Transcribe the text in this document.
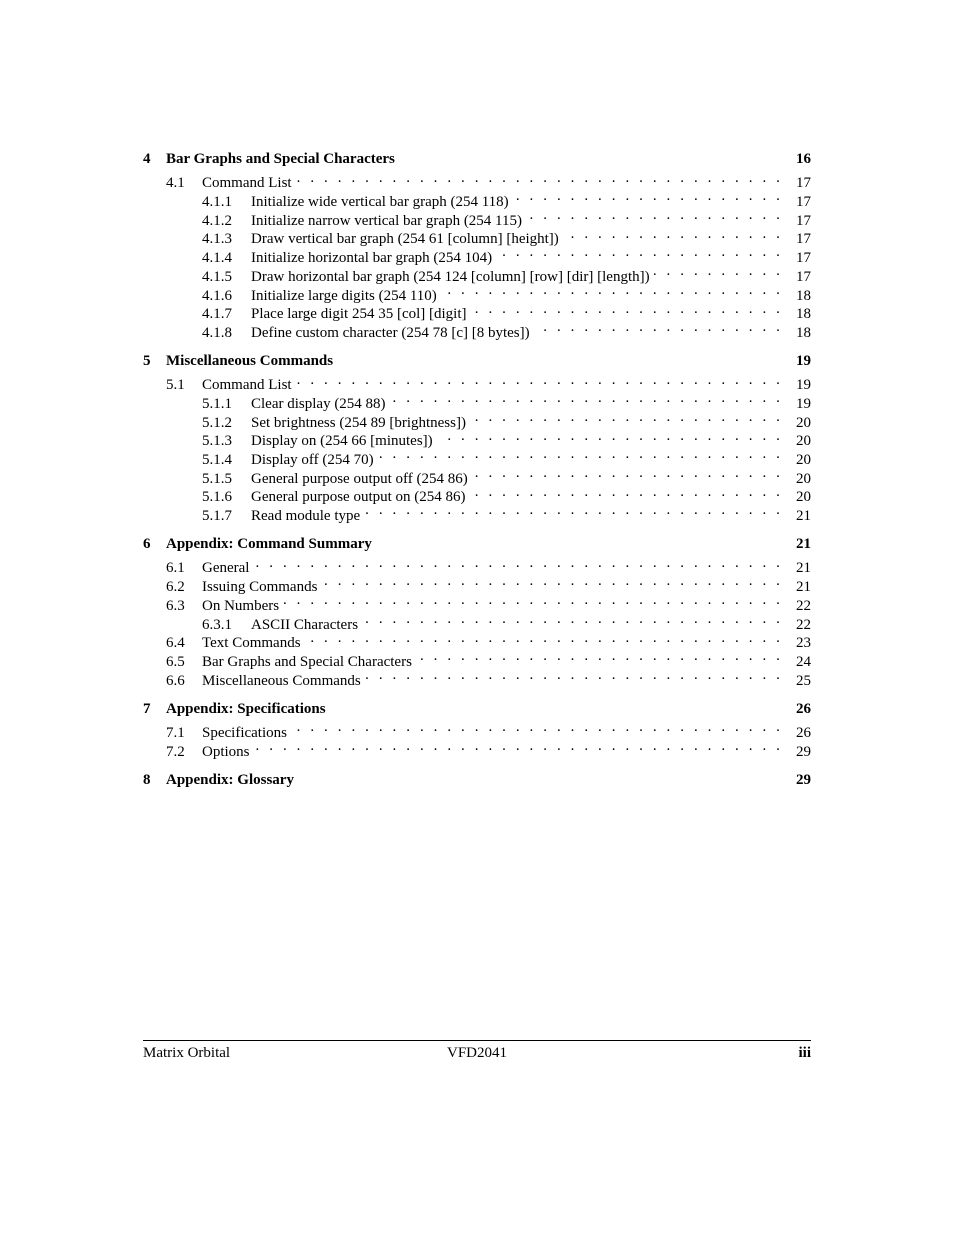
4	Bar Graphs and Special Characters	16
4.1	Command List . . .	17
4.1.1	Initialize wide vertical bar graph (254 118) . . .	17
4.1.2	Initialize narrow vertical bar graph (254 115) . . .	17
4.1.3	Draw vertical bar graph (254 61 [column] [height]) . . .	17
4.1.4	Initialize horizontal bar graph (254 104) . . .	17
4.1.5	Draw horizontal bar graph (254 124 [column] [row] [dir] [length]) . . .	17
4.1.6	Initialize large digits (254 110) . . .	18
4.1.7	Place large digit 254 35 [col] [digit] . . .	18
4.1.8	Define custom character (254 78 [c] [8 bytes]) . . .	18
5	Miscellaneous Commands	19
5.1	Command List . . .	19
5.1.1	Clear display (254 88) . . .	19
5.1.2	Set brightness (254 89 [brightness]) . . .	20
5.1.3	Display on (254 66 [minutes]) . . .	20
5.1.4	Display off (254 70) . . .	20
5.1.5	General purpose output off (254 86) . . .	20
5.1.6	General purpose output on (254 86) . . .	20
5.1.7	Read module type . . .	21
6	Appendix: Command Summary	21
6.1	General . . .	21
6.2	Issuing Commands . . .	21
6.3	On Numbers . . .	22
6.3.1	ASCII Characters . . .	22
6.4	Text Commands . . .	23
6.5	Bar Graphs and Special Characters . . .	24
6.6	Miscellaneous Commands . . .	25
7	Appendix: Specifications	26
7.1	Specifications . . .	26
7.2	Options . . .	29
8	Appendix: Glossary	29
Matrix Orbital	VFD2041	iii
